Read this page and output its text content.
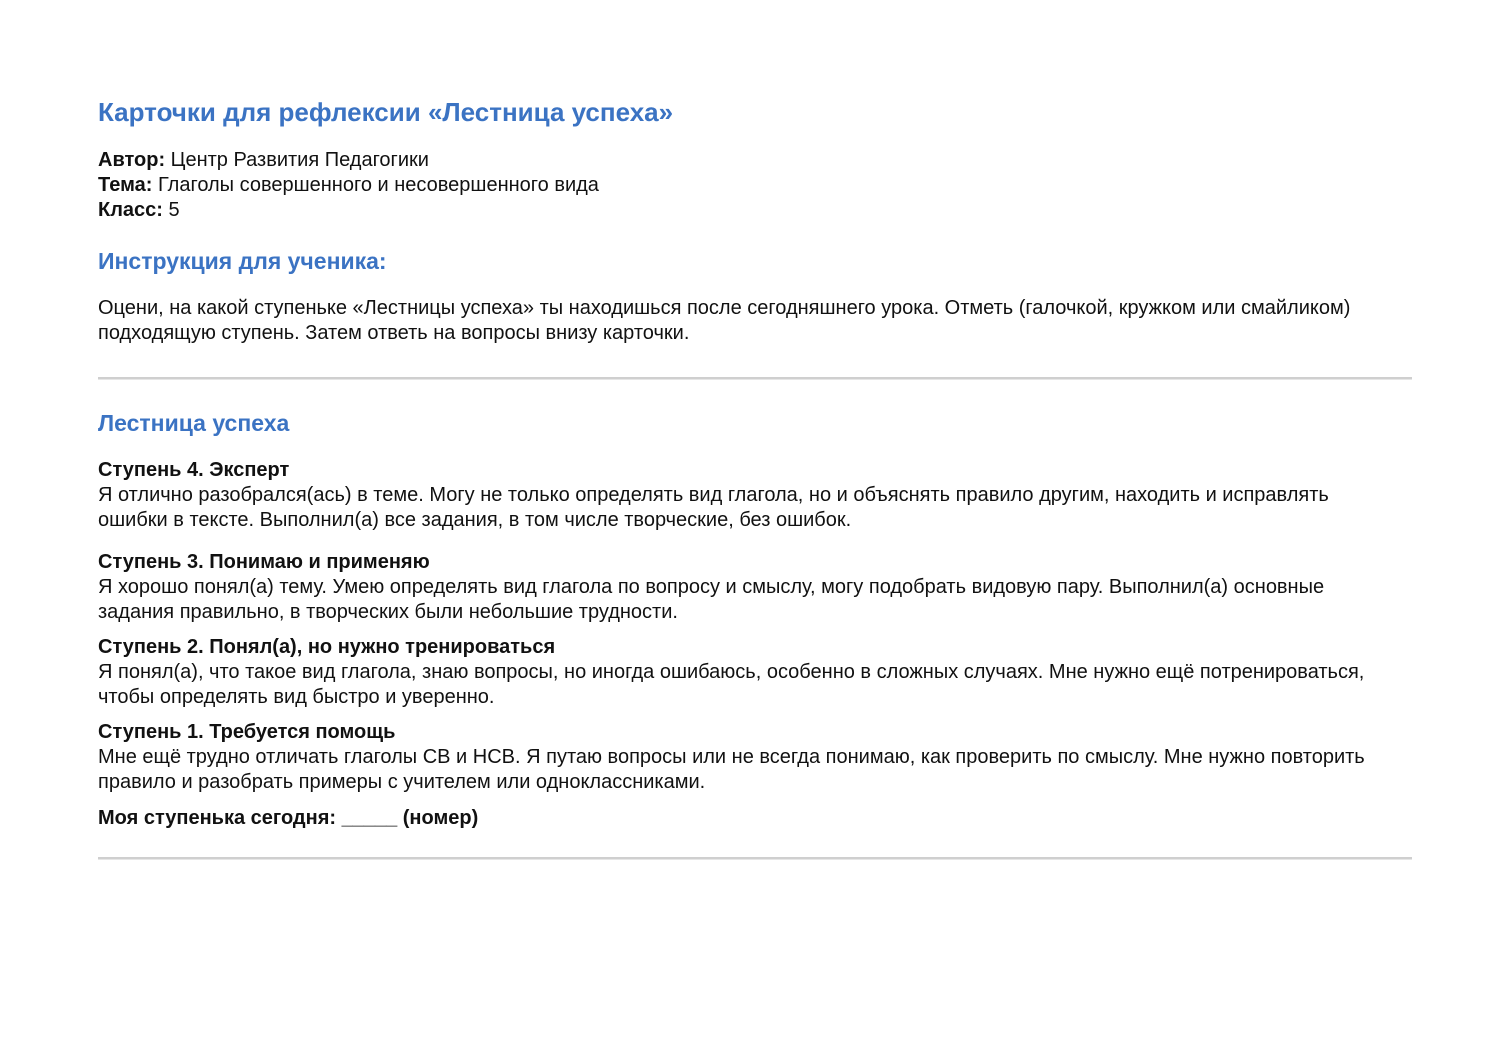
Карточки для рефлексии «Лестница успеха»
Автор: Центр Развития Педагогики
Тема: Глаголы совершенного и несовершенного вида
Класс: 5
Инструкция для ученика:

Оцени, на какой ступеньке «Лестницы успеха» ты находишься после сегодняшнего урока. Отметь (галочкой, кружком или смайликом) подходящую ступень. Затем ответь на вопросы внизу карточки.

Лестница успеха
Ступень 4. Эксперт
Я отлично разобрался(ась) в теме. Могу не только определять вид глагола, но и объяснять правило другим, находить и исправлять ошибки в тексте. Выполнил(а) все задания, в том числе творческие, без ошибок.
Ступень 3. Понимаю и применяю
Я хорошо понял(а) тему. Умею определять вид глагола по вопросу и смыслу, могу подобрать видовую пару. Выполнил(а) основные задания правильно, в творческих были небольшие трудности.
Ступень 2. Понял(а), но нужно тренироваться
Я понял(а), что такое вид глагола, знаю вопросы, но иногда ошибаюсь, особенно в сложных случаях. Мне нужно ещё потренироваться, чтобы определять вид быстро и уверенно.
Ступень 1. Требуется помощь
Мне ещё трудно отличать глаголы СВ и НСВ. Я путаю вопросы или не всегда понимаю, как проверить по смыслу. Мне нужно повторить правило и разобрать примеры с учителем или одноклассниками.
Моя ступенька сегодня: _____ (номер)
